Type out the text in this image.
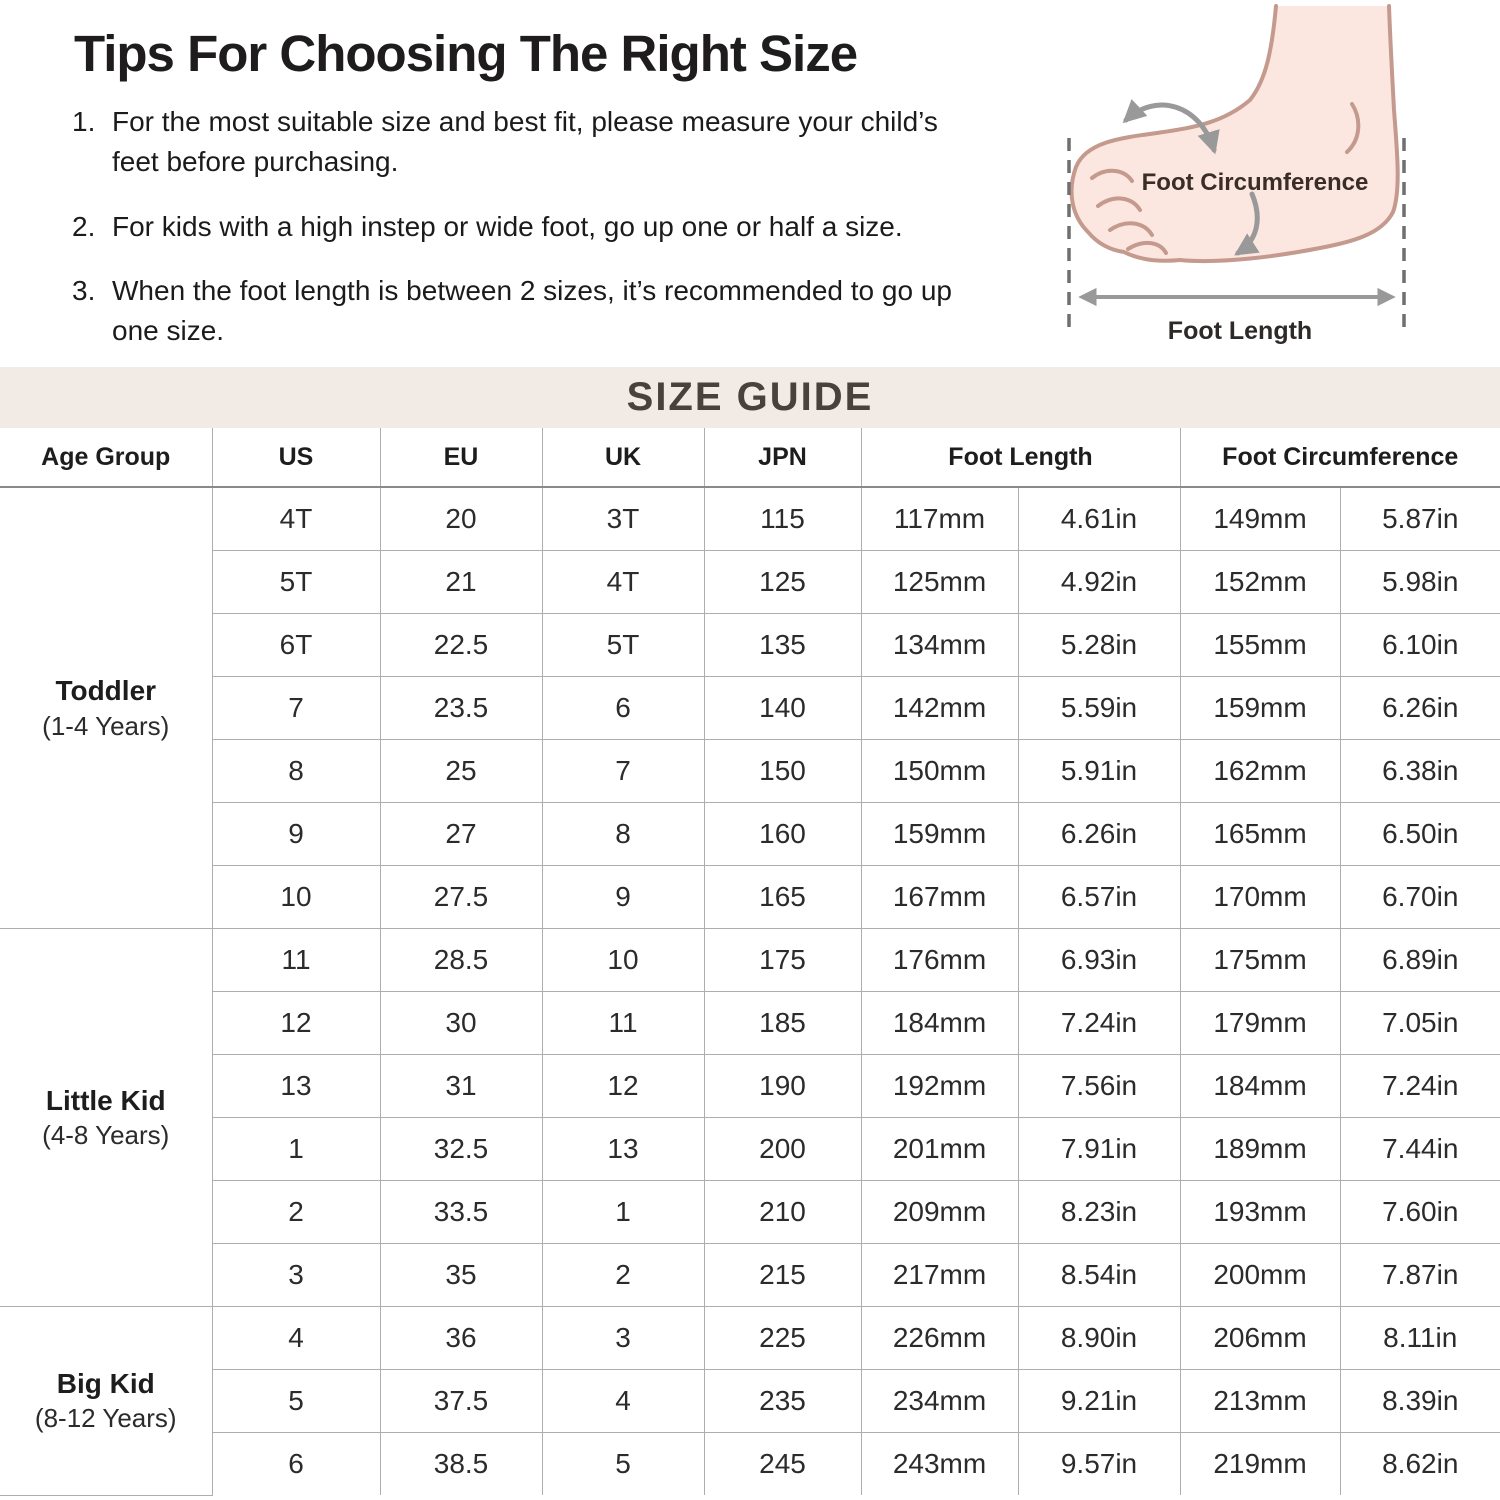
Tips For Choosing The Right Size
1. For the most suitable size and best fit, please measure your child’s feet before purchasing.
2. For kids with a high instep or wide foot, go up one or half a size.
3. When the foot length is between 2 sizes, it’s recommended to go up one size.
Foot Circumference
Foot Length
SIZE GUIDE
Age Group	US	EU	UK	JPN	Foot Length		Foot Circumference	

Toddler
(1-4 Years)	4T	20	3T	115	117mm	4.61in	149mm	5.87in
	5T	21	4T	125	125mm	4.92in	152mm	5.98in
	6T	22.5	5T	135	134mm	5.28in	155mm	6.10in
	7	23.5	6	140	142mm	5.59in	159mm	6.26in
	8	25	7	150	150mm	5.91in	162mm	6.38in
	9	27	8	160	159mm	6.26in	165mm	6.50in
	10	27.5	9	165	167mm	6.57in	170mm	6.70in

Little Kid
(4-8 Years)	11	28.5	10	175	176mm	6.93in	175mm	6.89in
	12	30	11	185	184mm	7.24in	179mm	7.05in
	13	31	12	190	192mm	7.56in	184mm	7.24in
	1	32.5	13	200	201mm	7.91in	189mm	7.44in
	2	33.5	1	210	209mm	8.23in	193mm	7.60in
	3	35	2	215	217mm	8.54in	200mm	7.87in

Big Kid
(8-12 Years)	4	36	3	225	226mm	8.90in	206mm	8.11in
	5	37.5	4	235	234mm	9.21in	213mm	8.39in
	6	38.5	5	245	243mm	9.57in	219mm	8.62in
